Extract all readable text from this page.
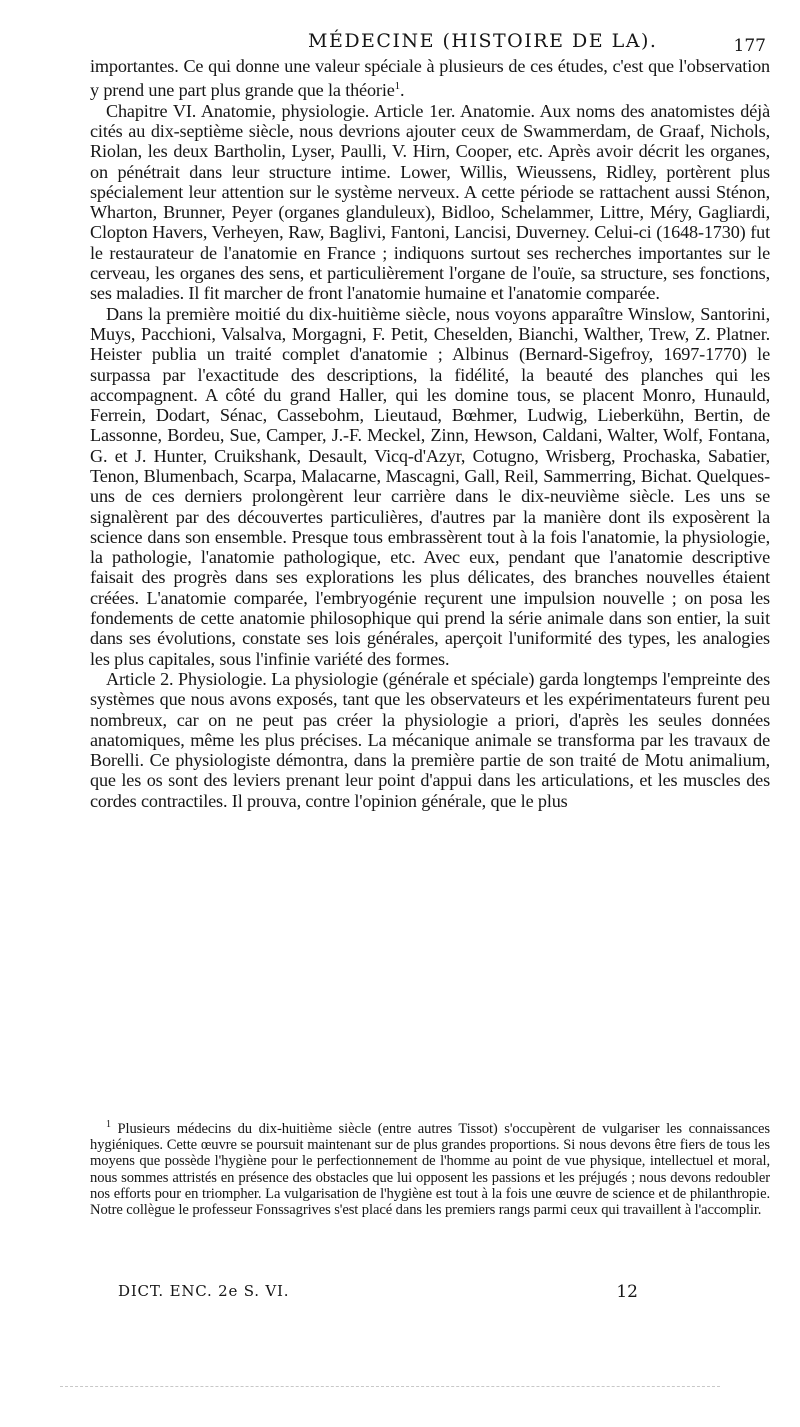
MÉDECINE (HISTOIRE DE LA).	177

importantes. Ce qui donne une valeur spéciale à plusieurs de ces études, c'est que l'observation y prend une part plus grande que la théorie$^1$.

Chapitre VI. Anatomie, physiologie. Article 1er. Anatomie. Aux noms des anatomistes déjà cités au dix-septième siècle, nous devrions ajouter ceux de Swammerdam, de Graaf, Nichols, Riolan, les deux Bartholin, Lyser, Paulli, V. Hirn, Cooper, etc. Après avoir décrit les organes, on pénétrait dans leur structure intime. Lower, Willis, Wieussens, Ridley, portèrent plus spécialement leur attention sur le système nerveux. A cette période se rattachent aussi Sténon, Wharton, Brunner, Peyer (organes glanduleux), Bidloo, Schelammer, Littre, Méry, Gagliardi, Clopton Havers, Verheyen, Raw, Baglivi, Fantoni, Lancisi, Duverney. Celui-ci (1648-1730) fut le restaurateur de l'anatomie en France ; indiquons surtout ses recherches importantes sur le cerveau, les organes des sens, et particulièrement l'organe de l'ouïe, sa structure, ses fonctions, ses maladies. Il fit marcher de front l'anatomie humaine et l'anatomie comparée.

Dans la première moitié du dix-huitième siècle, nous voyons apparaître Winslow, Santorini, Muys, Pacchioni, Valsalva, Morgagni, F. Petit, Cheselden, Bianchi, Walther, Trew, Z. Platner. Heister publia un traité complet d'anatomie ; Albinus (Bernard-Sigefroy, 1697-1770) le surpassa par l'exactitude des descriptions, la fidélité, la beauté des planches qui les accompagnent. A côté du grand Haller, qui les domine tous, se placent Monro, Hunauld, Ferrein, Dodart, Sénac, Cassebohm, Lieutaud, Bœhmer, Ludwig, Lieberkühn, Bertin, de Lassonne, Bordeu, Sue, Camper, J.-F. Meckel, Zinn, Hewson, Caldani, Walter, Wolf, Fontana, G. et J. Hunter, Cruikshank, Desault, Vicq-d'Azyr, Cotugno, Wrisberg, Prochaska, Sabatier, Tenon, Blumenbach, Scarpa, Malacarne, Mascagni, Gall, Reil, Sammerring, Bichat. Quelques-uns de ces derniers prolongèrent leur carrière dans le dix-neuvième siècle. Les uns se signalèrent par des découvertes particulières, d'autres par la manière dont ils exposèrent la science dans son ensemble. Presque tous embrassèrent tout à la fois l'anatomie, la physiologie, la pathologie, l'anatomie pathologique, etc. Avec eux, pendant que l'anatomie descriptive faisait des progrès dans ses explorations les plus délicates, des branches nouvelles étaient créées. L'anatomie comparée, l'embryogénie reçurent une impulsion nouvelle ; on posa les fondements de cette anatomie philosophique qui prend la série animale dans son entier, la suit dans ses évolutions, constate ses lois générales, aperçoit l'uniformité des types, les analogies les plus capitales, sous l'infinie variété des formes.

Article 2. Physiologie. La physiologie (générale et spéciale) garda longtemps l'empreinte des systèmes que nous avons exposés, tant que les observateurs et les expérimentateurs furent peu nombreux, car on ne peut pas créer la physiologie a priori, d'après les seules données anatomiques, même les plus précises. La mécanique animale se transforma par les travaux de Borelli. Ce physiologiste démontra, dans la première partie de son traité de Motu animalium, que les os sont des leviers prenant leur point d'appui dans les articulations, et les muscles des cordes contractiles. Il prouva, contre l'opinion générale, que le plus

$^1$ Plusieurs médecins du dix-huitième siècle (entre autres Tissot) s'occupèrent de vulgariser les connaissances hygiéniques. Cette œuvre se poursuit maintenant sur de plus grandes proportions. Si nous devons être fiers de tous les moyens que possède l'hygiène pour le perfectionnement de l'homme au point de vue physique, intellectuel et moral, nous sommes attristés en présence des obstacles que lui opposent les passions et les préjugés ; nous devons redoubler nos efforts pour en triompher. La vulgarisation de l'hygiène est tout à la fois une œuvre de science et de philanthropie. Notre collègue le professeur Fonssagrives s'est placé dans les premiers rangs parmi ceux qui travaillent à l'accomplir.

DICT. ENC. 2e S. VI.	12
